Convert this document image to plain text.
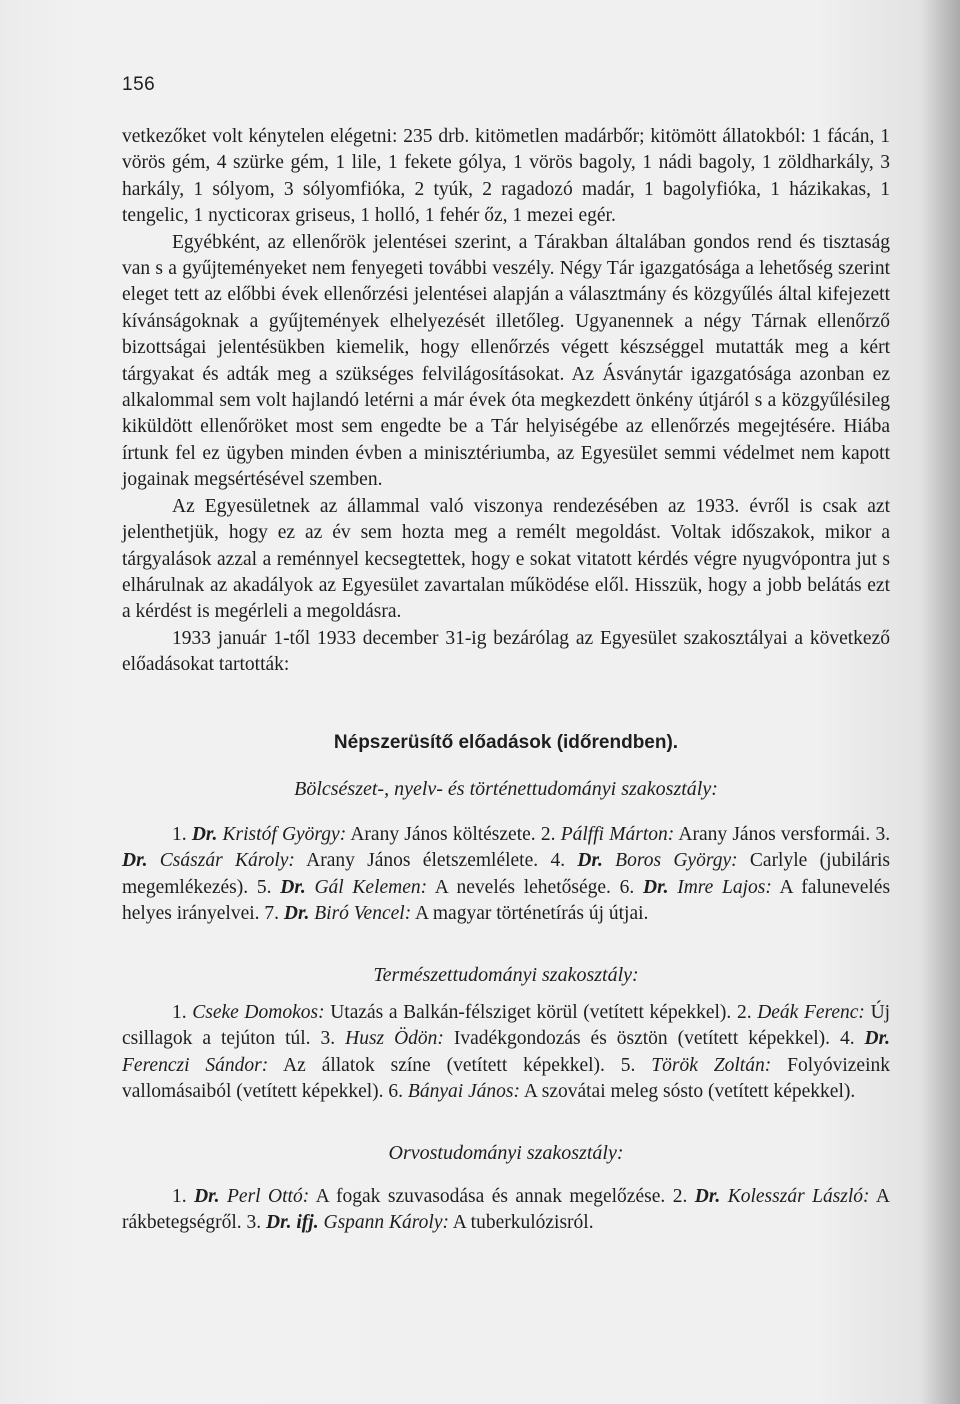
156

vetkezőket volt kénytelen elégetni: 235 drb. kitömetlen madárbőr; kitömött állatokból: 1 fácán, 1 vörös gém, 4 szürke gém, 1 lile, 1 fekete gólya, 1 vörös bagoly, 1 nádi bagoly, 1 zöldharkály, 3 harkály, 1 sólyom, 3 sólyomfióka, 2 tyúk, 2 ragadozó madár, 1 bagolyfióka, 1 házikakas, 1 tengelic, 1 nycticorax griseus, 1 holló, 1 fehér őz, 1 mezei egér.

Egyébként, az ellenőrök jelentései szerint, a Tárakban általában gondos rend és tisztaság van s a gyűjteményeket nem fenyegeti további veszély. Négy Tár igazgatósága a lehetőség szerint eleget tett az előbbi évek ellenőrzési jelentései alapján a választmány és közgyűlés által kifejezett kívánságoknak a gyűjtemények elhelyezését illetőleg. Ugyanennek a négy Tárnak ellenőrző bizottságai jelentésükben kiemelik, hogy ellenőrzés végett készséggel mutatták meg a kért tárgyakat és adták meg a szükséges felvilágosításokat. Az Ásványtár igazgatósága azonban ez alkalommal sem volt hajlandó letérni a már évek óta megkezdett önkény útjáról s a közgyűlésileg kiküldött ellenőröket most sem engedte be a Tár helyiségébe az ellenőrzés megejtésére. Hiába írtunk fel ez ügyben minden évben a minisztériumba, az Egyesület semmi védelmet nem kapott jogainak megsértésével szemben.

Az Egyesületnek az állammal való viszonya rendezésében az 1933. évről is csak azt jelenthetjük, hogy ez az év sem hozta meg a remélt megoldást. Voltak időszakok, mikor a tárgyalások azzal a reménnyel kecsegtettek, hogy e sokat vitatott kérdés végre nyugvópontra jut s elhárulnak az akadályok az Egyesület zavartalan működése elől. Hisszük, hogy a jobb belátás ezt a kérdést is megérleli a megoldásra.

1933 január 1-től 1933 december 31-ig bezárólag az Egyesület szakosztályai a következő előadásokat tartották:

Népszerüsítő előadások (időrendben).
Bölcsészet-, nyelv- és történettudományi szakosztály:

1. Dr. Kristóf György: Arany János költészete. 2. Pálffi Márton: Arany János versformái. 3. Dr. Császár Károly: Arany János életszemlélete. 4. Dr. Boros György: Carlyle (jubiláris megemlékezés). 5. Dr. Gál Kelemen: A nevelés lehetősége. 6. Dr. Imre Lajos: A falunevelés helyes irányelvei. 7. Dr. Biró Vencel: A magyar történetírás új útjai.

Természettudományi szakosztály:

1. Cseke Domokos: Utazás a Balkán-félsziget körül (vetített képekkel). 2. Deák Ferenc: Új csillagok a tejúton túl. 3. Husz Ödön: Ivadékgondozás és ösztön (vetített képekkel). 4. Dr. Ferenczi Sándor: Az állatok színe (vetített képekkel). 5. Török Zoltán: Folyóvizeink vallomásaiból (vetített képekkel). 6. Bányai János: A szovátai meleg sósto (vetített képekkel).

Orvostudományi szakosztály:

1. Dr. Perl Ottó: A fogak szuvasodása és annak megelőzése. 2. Dr. Kolesszár László: A rákbetegségről. 3. Dr. ifj. Gspann Károly: A tuberkulózisról.
